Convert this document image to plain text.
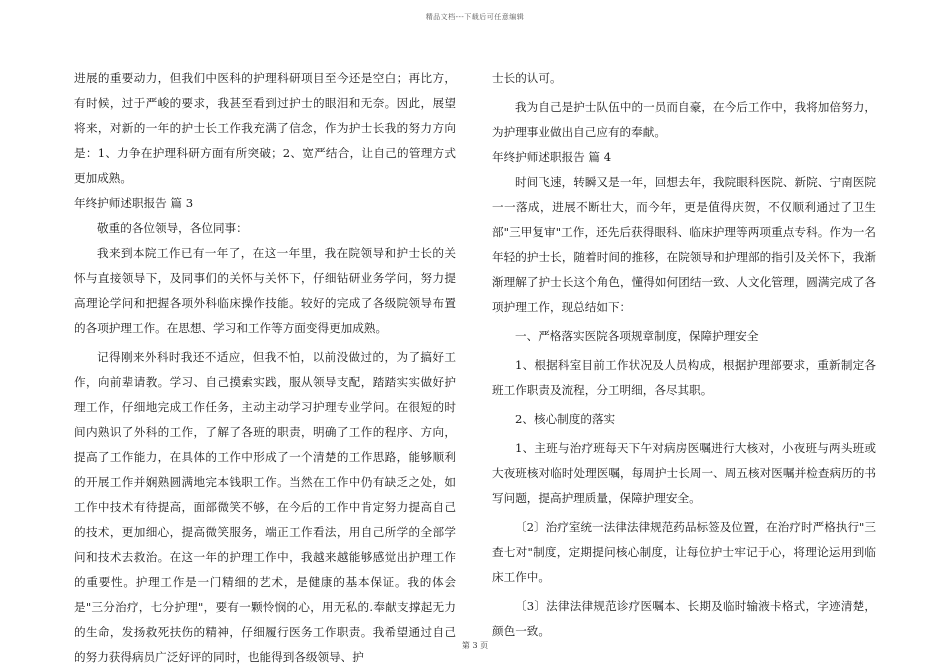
精品文档---下载后可任意编辑

进展的重要动力，但我们中医科的护理科研项目至今还是空白；再比方，有时候，过于严峻的要求，我甚至看到过护士的眼泪和无奈。因此，展望将来，对新的一年的护士长工作我充满了信念，作为护士长我的努力方向是：1、力争在护理科研方面有所突破；2、宽严结合，让自己的管理方式更加成熟。

年终护师述职报告 篇 3

敬重的各位领导，各位同事：

我来到本院工作已有一年了，在这一年里，我在院领导和护士长的关怀与直接领导下，及同事们的关怀与关怀下，仔细钻研业务学问，努力提高理论学问和把握各项外科临床操作技能。较好的完成了各级院领导布置的各项护理工作。在思想、学习和工作等方面变得更加成熟。

记得刚来外科时我还不适应，但我不怕，以前没做过的，为了搞好工作，向前辈请教。学习、自己摸索实践，服从领导支配，踏踏实实做好护理工作，仔细地完成工作任务，主动主动学习护理专业学问。在很短的时间内熟识了外科的工作，了解了各班的职责，明确了工作的程序、方向，提高了工作能力，在具体的工作中形成了一个清楚的工作思路，能够顺利的开展工作并娴熟圆满地完本钱职工作。当然在工作中仍有缺乏之处，如工作中技术有待提高，面部微笑不够，在今后的工作中肯定努力提高自己的技术，更加细心，提高微笑服务，端正工作看法，用自己所学的全部学问和技术去救治。在这一年的护理工作中，我越来越能够感觉出护理工作的重要性。护理工作是一门精细的艺术，是健康的基本保证。我的体会是"三分治疗，七分护理"，要有一颗怜悯的心，用无私的.奉献支撑起无力的生命，发扬救死扶伤的精神，仔细履行医务工作职责。我希望通过自己的努力获得病员广泛好评的同时，也能得到各级领导、护

士长的认可。

我为自己是护士队伍中的一员而自豪，在今后工作中，我将加倍努力，为护理事业做出自己应有的奉献。

年终护师述职报告 篇 4

时间飞速，转瞬又是一年，回想去年，我院眼科医院、新院、宁南医院一一落成，进展不断壮大，而今年，更是值得庆贺，不仅顺利通过了卫生部"三甲复审"工作，还先后获得眼科、临床护理等两项重点专科。作为一名年轻的护士长，随着时间的推移，在院领导和护理部的指引及关怀下，我渐渐理解了护士长这个角色，懂得如何团结一致、人文化管理，圆满完成了各项护理工作，现总结如下：

一、严格落实医院各项规章制度，保障护理安全

1、根据科室目前工作状况及人员构成，根据护理部要求，重新制定各班工作职责及流程，分工明细，各尽其职。

2、核心制度的落实

1、主班与治疗班每天下午对病房医嘱进行大核对，小夜班与两头班或大夜班核对临时处理医嘱，每周护士长周一、周五核对医嘱并检查病历的书写问题，提高护理质量，保障护理安全。

〔2〕治疗室统一法律法律规范药品标签及位置，在治疗时严格执行"三查七对"制度，定期提问核心制度，让每位护士牢记于心，将理论运用到临床工作中。

〔3〕法律法律规范诊疗医嘱本、长期及临时输液卡格式，字迹清楚，颜色一致。

第 3 页
